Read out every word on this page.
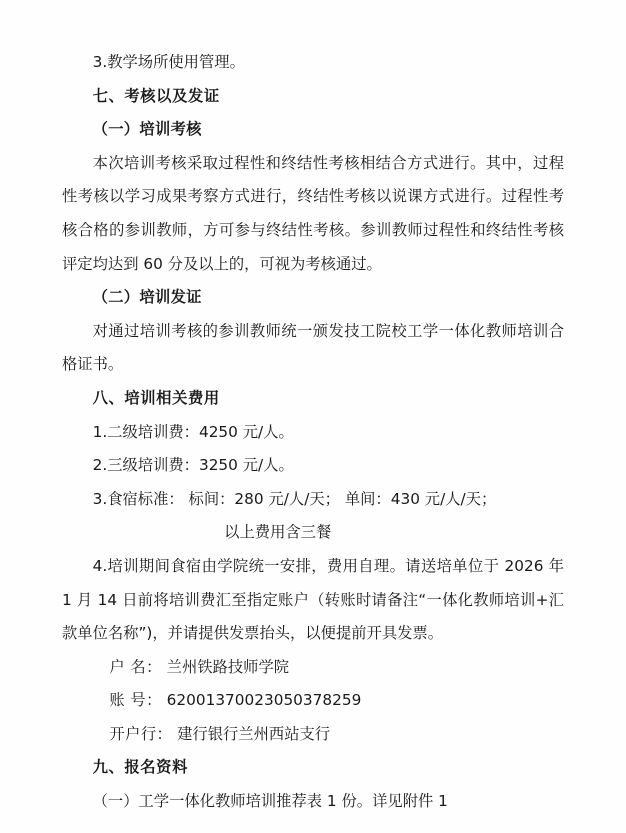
3.教学场所使用管理。

七、考核以及发证

（一）培训考核

本次培训考核采取过程性和终结性考核相结合方式进行。其中，过程性考核以学习成果考察方式进行，终结性考核以说课方式进行。过程性考核合格的参训教师，方可参与终结性考核。参训教师过程性和终结性考核评定均达到 60 分及以上的，可视为考核通过。

（二）培训发证

对通过培训考核的参训教师统一颁发技工院校工学一体化教师培训合格证书。

八、培训相关费用

1.二级培训费：4250 元/人。

2.三级培训费：3250 元/人。

3.食宿标准： 标间：280 元/人/天； 单间：430 元/人/天；

以上费用含三餐

4.培训期间食宿由学院统一安排，费用自理。请送培单位于 2026 年 1 月 14 日前将培训费汇至指定账户（转账时请备注“一体化教师培训+汇款单位名称”)，并请提供发票抬头，以便提前开具发票。

户 名： 兰州铁路技师学院

账 号： 62001370023050378259

开户行： 建行银行兰州西站支行

九、报名资料

（一）工学一体化教师培训推荐表 1 份。详见附件 1
